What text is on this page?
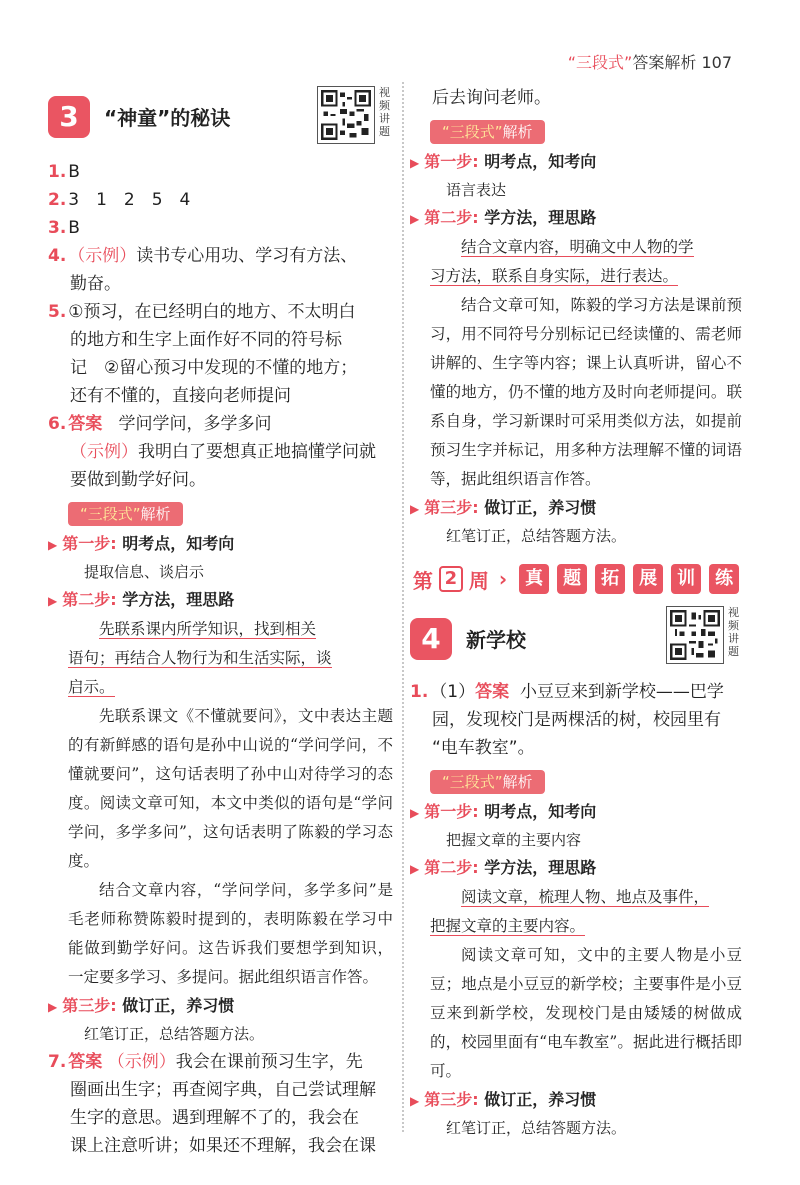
“三段式”答案解析 107
3	“神童”的秘诀
视频讲题
1. B
2. 3　1　2　5　4
3. B
4. （示例）读书专心用功、学习有方法、
勤奋。
5. ①预习，在已经明白的地方、不太明白
的地方和生字上面作好不同的符号标
记　②留心预习中发现的不懂的地方；
还有不懂的，直接向老师提问
6. 答案 学问学问，多学多问
（示例）我明白了要想真正地搞懂学问就
要做到勤学好问。
“三段式”解析
▶ 第一步: 明考点，知考向
提取信息、谈启示
▶ 第二步: 学方法，理思路
先联系课内所学知识，找到相关
语句；再结合人物行为和生活实际，谈
启示。
先联系课文《不懂就要问》，文中表达主题的有新鲜感的语句是孙中山说的“学问学问，不懂就要问”，这句话表明了孙中山对待学习的态度。阅读文章可知，本文中类似的语句是“学问学问，多学多问”，这句话表明了陈毅的学习态度。
结合文章内容，“学问学问，多学多问”是毛老师称赞陈毅时提到的，表明陈毅在学习中能做到勤学好问。这告诉我们要想学到知识，一定要多学习、多提问。据此组织语言作答。
▶ 第三步: 做订正，养习惯
红笔订正，总结答题方法。
7. 答案 （示例）我会在课前预习生字，先
圈画出生字；再查阅字典，自己尝试理解
生字的意思。遇到理解不了的，我会在
课上注意听讲；如果还不理解，我会在课
后去询问老师。
“三段式”解析
▶ 第一步: 明考点，知考向
语言表达
▶ 第二步: 学方法，理思路
结合文章内容，明确文中人物的学
习方法，联系自身实际，进行表达。
结合文章可知，陈毅的学习方法是课前预习，用不同符号分别标记已经读懂的、需老师讲解的、生字等内容；课上认真听讲，留心不懂的地方，仍不懂的地方及时向老师提问。联系自身，学习新课时可采用类似方法，如提前预习生字并标记，用多种方法理解不懂的词语等，据此组织语言作答。
▶ 第三步: 做订正，养习惯
红笔订正，总结答题方法。
第 2 周 ›	真	题	拓	展	训	练
4	新学校
视频讲题
1. （1）答案 小豆豆来到新学校——巴学
园，发现校门是两棵活的树，校园里有
“电车教室”。
“三段式”解析
▶ 第一步: 明考点，知考向
把握文章的主要内容
▶ 第二步: 学方法，理思路
阅读文章，梳理人物、地点及事件，
把握文章的主要内容。
阅读文章可知，文中的主要人物是小豆豆；地点是小豆豆的新学校；主要事件是小豆豆来到新学校，发现校门是由矮矮的树做成的，校园里面有“电车教室”。据此进行概括即可。
▶ 第三步: 做订正，养习惯
红笔订正，总结答题方法。
